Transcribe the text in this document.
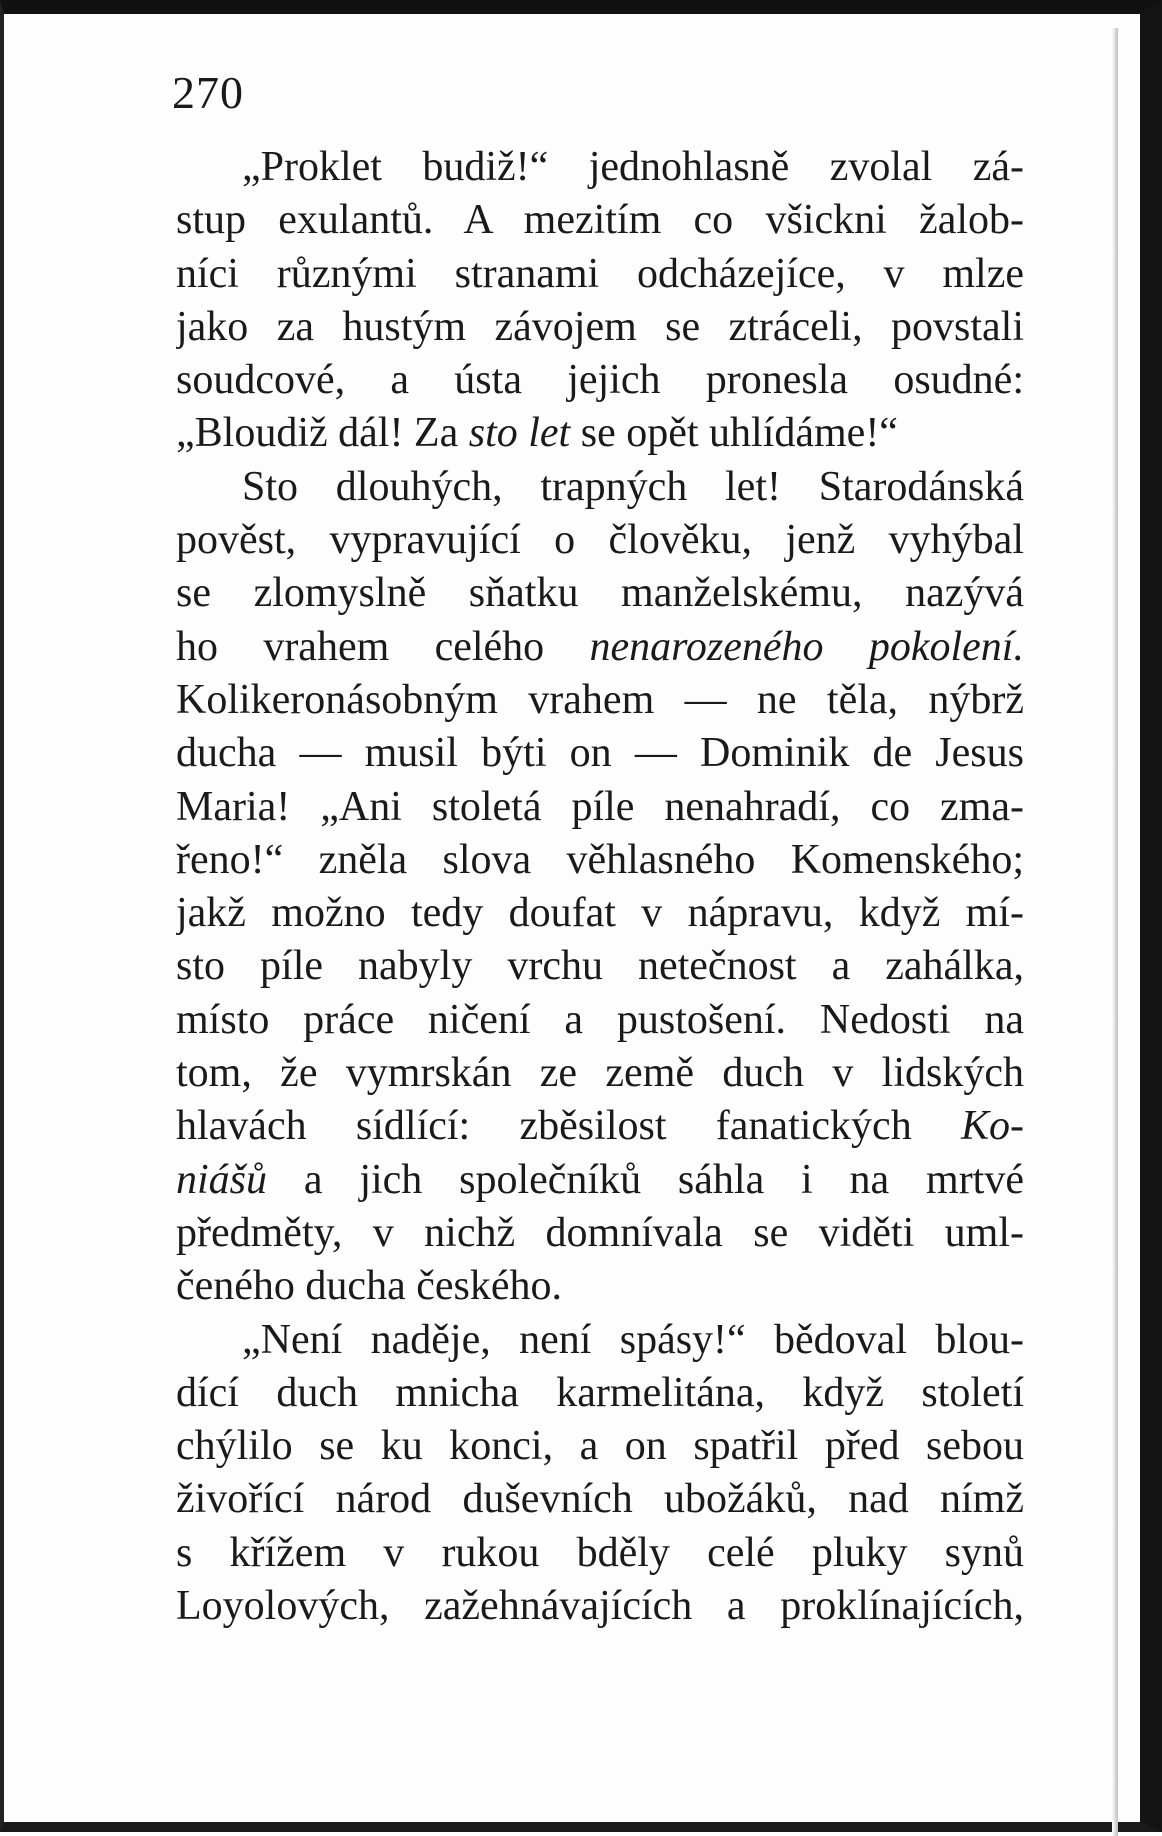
270
„Proklet budiž!“ jednohlasně zvolal zá-
stup exulantů. A mezitím co všickni žalob-
níci různými stranami odcházejíce, v mlze
jako za hustým závojem se ztráceli, povstali
soudcové, a ústa jejich pronesla osudné:
„Bloudiž dál! Za sto let se opět uhlídáme!“
Sto dlouhých, trapných let! Starodánská
pověst, vypravující o člověku, jenž vyhýbal
se zlomyslně sňatku manželskému, nazývá
ho vrahem celého nenarozeného pokolení.
Kolikeronásobným vrahem — ne těla, nýbrž
ducha — musil býti on — Dominik de Jesus
Maria! „Ani stoletá píle nenahradí, co zma-
řeno!“ zněla slova věhlasného Komenského;
jakž možno tedy doufat v nápravu, když mí-
sto píle nabyly vrchu netečnost a zahálka,
místo práce ničení a pustošení. Nedosti na
tom, že vymrskán ze země duch v lidských
hlavách sídlící: zběsilost fanatických Ko-
niášů a jich společníků sáhla i na mrtvé
předměty, v nichž domnívala se viděti uml-
čeného ducha českého.
„Není naděje, není spásy!“ bědoval blou-
dící duch mnicha karmelitána, když století
chýlilo se ku konci, a on spatřil před sebou
živořící národ duševních ubožáků, nad nímž
s křížem v rukou bděly celé pluky synů
Loyolových, zažehnávajících a proklínajících,
